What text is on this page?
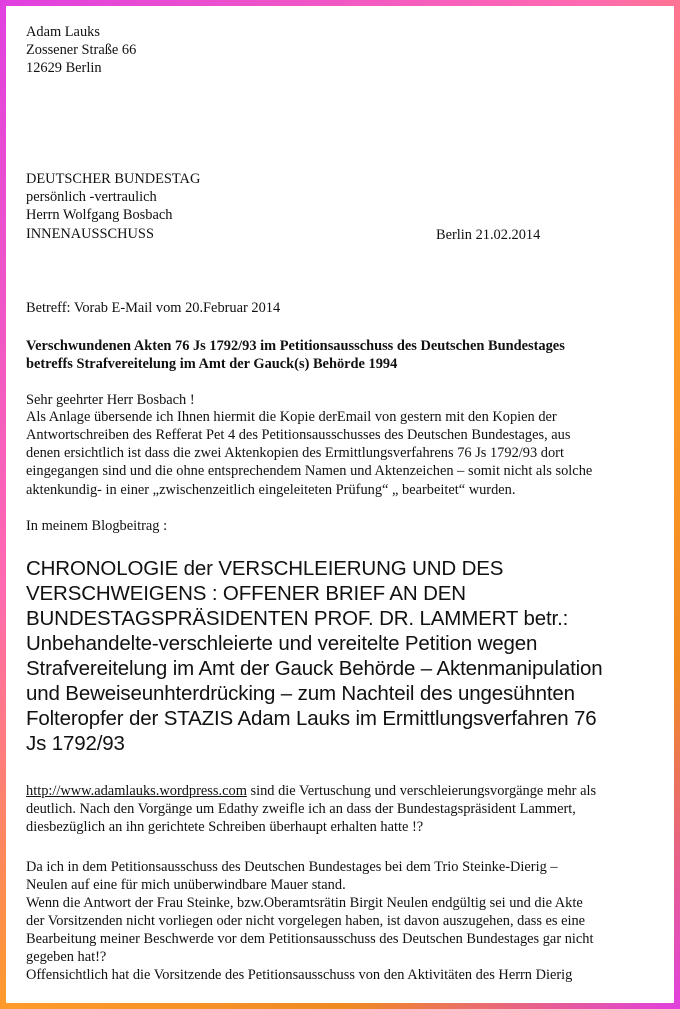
Adam Lauks
Zossener Straße 66
12629 Berlin
DEUTSCHER BUNDESTAG
persönlich -vertraulich
Herrn Wolfgang Bosbach
INNENAUSSCHUSS	Berlin 21.02.2014
Betreff: Vorab E-Mail vom 20.Februar 2014
Verschwundenen Akten 76 Js 1792/93 im Petitionsausschuss des Deutschen Bundestages
betreffs Strafvereitelung im Amt der Gauck(s) Behörde 1994
Sehr geehrter Herr Bosbach !
Als Anlage übersende ich Ihnen hiermit die Kopie derEmail von gestern mit den Kopien der
Antwortschreiben des Refferat Pet 4 des Petitionsausschusses des Deutschen Bundestages, aus
denen ersichtlich ist dass die zwei Aktenkopien des Ermittlungsverfahrens 76 Js 1792/93 dort
eingegangen sind und die ohne entsprechendem Namen und Aktenzeichen – somit nicht als solche
aktenkundig- in einer „zwischenzeitlich eingeleiteten Prüfung“ „ bearbeitet“ wurden.
In meinem Blogbeitrag :
CHRONOLOGIE der VERSCHLEIERUNG UND DES
VERSCHWEIGENS : OFFENER BRIEF AN DEN
BUNDESTAGSPRÄSIDENTEN PROF. DR. LAMMERT betr.:
Unbehandelte-verschleierte und vereitelte Petition wegen
Strafvereitelung im Amt der Gauck Behörde – Aktenmanipulation
und Beweiseunhterdrücking – zum Nachteil des ungesühnten
Folteropfer der STAZIS Adam Lauks im Ermittlungsverfahren 76
Js 1792/93
http://www.adamlauks.wordpress.com sind die Vertuschung und verschleierungsvorgänge mehr als
deutlich. Nach den Vorgänge um Edathy zweifle ich an dass der Bundestagspräsident Lammert,
diesbezüglich an ihn gerichtete Schreiben überhaupt erhalten hatte !?
Da ich in dem Petitionsausschuss des Deutschen Bundestages bei dem Trio Steinke-Dierig –
Neulen auf eine für mich unüberwindbare Mauer stand.
Wenn die Antwort der Frau Steinke, bzw.Oberamtsrätin Birgit Neulen endgültig sei und die Akte
der Vorsitzenden nicht vorliegen oder nicht vorgelegen haben, ist davon auszugehen, dass es eine
Bearbeitung meiner Beschwerde vor dem Petitionsausschuss des Deutschen Bundestages gar nicht
gegeben hat!?
Offensichtlich hat die Vorsitzende des Petitionsausschuss von den Aktivitäten des Herrn Dierig
